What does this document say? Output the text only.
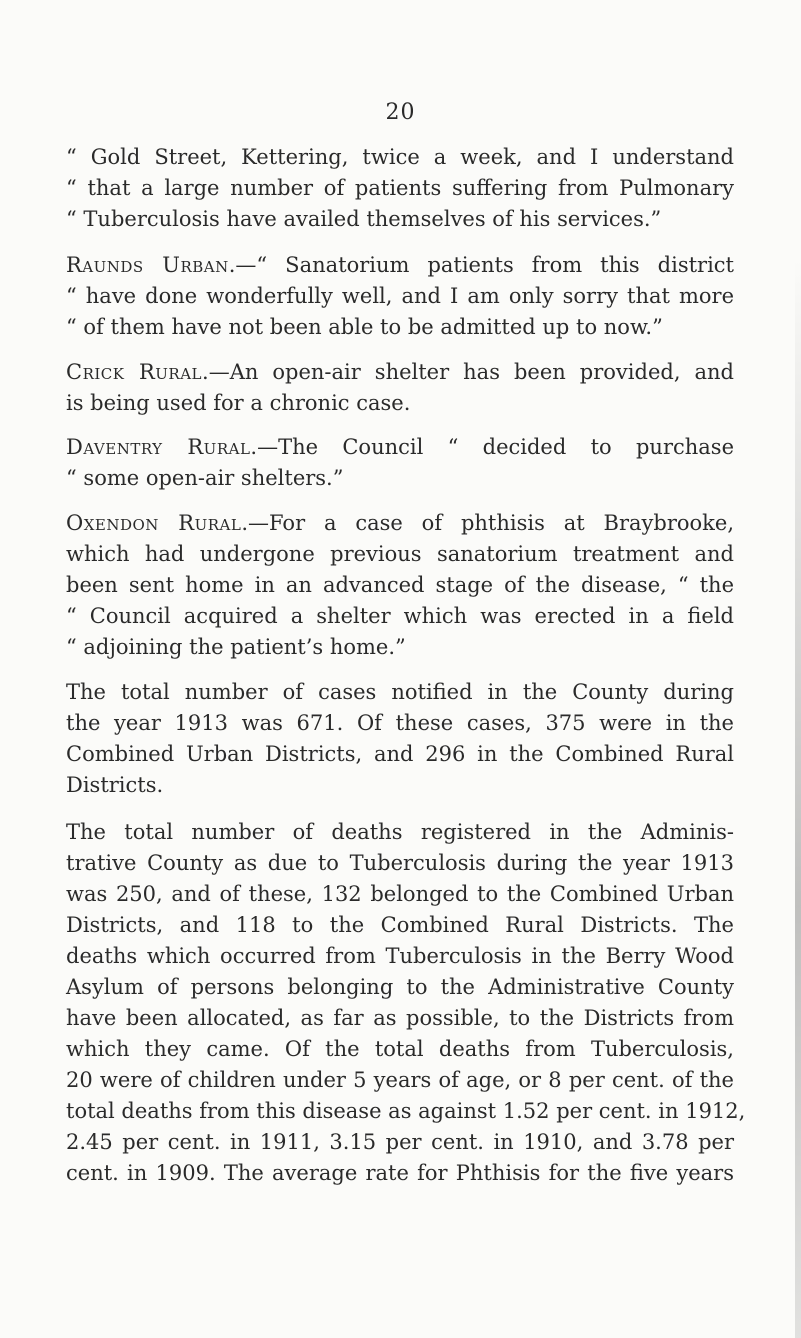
20
“ Gold Street, Kettering, twice a week, and I understand
“ that a large number of patients suffering from Pulmonary
“ Tuberculosis have availed themselves of his services.”
Raunds Urban.—“ Sanatorium patients from this district
“ have done wonderfully well, and I am only sorry that more
“ of them have not been able to be admitted up to now.”
Crick Rural.—An open-air shelter has been provided, and
is being used for a chronic case.
Daventry Rural.—The Council “ decided to purchase
“ some open-air shelters.”
Oxendon Rural.—For a case of phthisis at Braybrooke,
which had undergone previous sanatorium treatment and
been sent home in an advanced stage of the disease, “ the
“ Council acquired a shelter which was erected in a field
“ adjoining the patient’s home.”
The total number of cases notified in the County during
the year 1913 was 671. Of these cases, 375 were in the
Combined Urban Districts, and 296 in the Combined Rural
Districts.
The total number of deaths registered in the Adminis-
trative County as due to Tuberculosis during the year 1913
was 250, and of these, 132 belonged to the Combined Urban
Districts, and 118 to the Combined Rural Districts. The
deaths which occurred from Tuberculosis in the Berry Wood
Asylum of persons belonging to the Administrative County
have been allocated, as far as possible, to the Districts from
which they came. Of the total deaths from Tuberculosis,
20 were of children under 5 years of age, or 8 per cent. of the
total deaths from this disease as against 1.52 per cent. in 1912,
2.45 per cent. in 1911, 3.15 per cent. in 1910, and 3.78 per
cent. in 1909. The average rate for Phthisis for the five years
